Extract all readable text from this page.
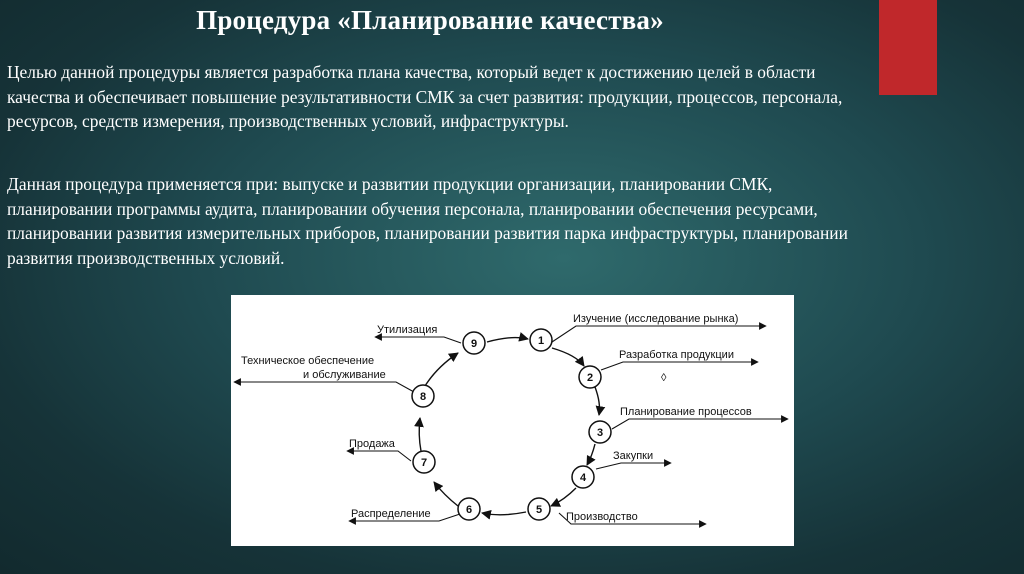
Процедура «Планирование качества»

Целью данной процедуры является разработка плана качества, который ведет к достижению целей в области качества и обеспечивает повышение результативности СМК за счет развития: продукции, процессов, персонала, ресурсов, средств измерения, производственных условий, инфраструктуры.

Данная процедура применяется при: выпуске и развитии продукции организации, планировании СМК, планировании программы аудита, планировании обучения персонала, планировании обеспечения ресурсами, планировании развития измерительных приборов, планировании развития парка инфраструктуры, планировании развития производственных условий.

1
Изучение (исследование рынка)
2
Разработка продукции
◊
3
Планирование процессов
4
Закупки
5
Производство
6
Распределение
7
Продажа
8
Техническое обеспечение
и обслуживание
9
Утилизация
